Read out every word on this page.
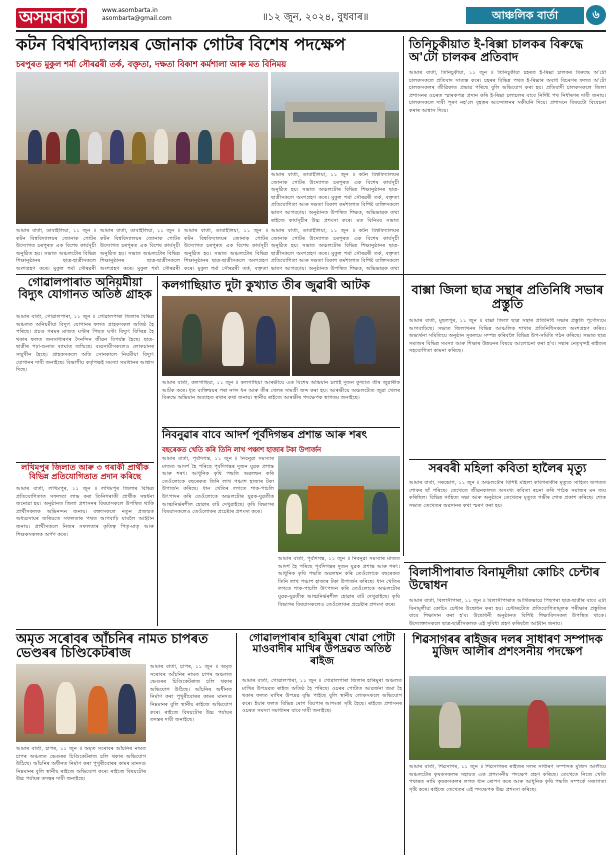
অসমবাৰ্তা	www.asombarta.in
asombarta@gmail.com	॥১২ জুন, ২০২৪, বুধবাৰ॥	আঞ্চলিক বাৰ্তা	৬
কটন বিশ্ববিদ্যালয়ৰ জোনাক গোটৰ বিশেষ পদক্ষেপ
চৰপুৰত মুকুল শৰ্মা সৌৰৱৰী তৰ্ক, বক্তৃতা, দক্ষতা বিকাশ কৰ্মশালা আৰু মত বিনিময়
আমাৰ বাৰ্তা, ডাবাইলিয়া, ১১ জুন ॥ কটন বিশ্ববিদ্যালয়ৰ জোনাক গোটৰ উদ্যোগত চৰপুৰত এক বিশেষ কাৰ্যসূচী অনুষ্ঠিত হয়। সভাত অঞ্চলটোৰ বিভিন্ন শিক্ষানুষ্ঠানৰ ছাত্ৰ-ছাত্ৰীসকলে অংশগ্ৰহণ কৰে। মুকুল শৰ্মা সৌৰৱৰী তৰ্ক, বক্তৃতা প্ৰতিযোগিতা আৰু দক্ষতা বিকাশ কৰ্মশালাত বিশিষ্ট ব্যক্তিসকলে ভাষণ আগবঢ়ায়। অনুষ্ঠানত উপস্থিত শিক্ষক, অভিভাৱক তথা ৰাইজে কাৰ্যসূচীৰ উচ্চ প্ৰশংসা কৰে। মত বিনিময় সভাত
আমাৰ বাৰ্তা, ডাবাইলিয়া, ১১ জুন ॥ কটন বিশ্ববিদ্যালয়ৰ জোনাক গোটৰ উদ্যোগত চৰপুৰত এক বিশেষ কাৰ্যসূচী অনুষ্ঠিত হয়। সভাত অঞ্চলটোৰ বিভিন্ন শিক্ষানুষ্ঠানৰ ছাত্ৰ-ছাত্ৰীসকলে অংশগ্ৰহণ কৰে। মুকুল শৰ্মা সৌৰৱৰী
আমাৰ বাৰ্তা, ডাবাইলিয়া, ১১ জুন ॥ কটন বিশ্ববিদ্যালয়ৰ জোনাক গোটৰ উদ্যোগত চৰপুৰত এক বিশেষ কাৰ্যসূচী অনুষ্ঠিত হয়। সভাত অঞ্চলটোৰ বিভিন্ন শিক্ষানুষ্ঠানৰ ছাত্ৰ-ছাত্ৰীসকলে অংশগ্ৰহণ কৰে। মুকুল শৰ্মা সৌৰৱৰী
আমাৰ বাৰ্তা, ডাবাইলিয়া, ১১ জুন ॥ কটন বিশ্ববিদ্যালয়ৰ জোনাক গোটৰ উদ্যোগত চৰপুৰত এক বিশেষ কাৰ্যসূচী অনুষ্ঠিত হয়। সভাত অঞ্চলটোৰ বিভিন্ন শিক্ষানুষ্ঠানৰ ছাত্ৰ-ছাত্ৰীসকলে অংশগ্ৰহণ কৰে। মুকুল শৰ্মা সৌৰৱৰী তৰ্ক, বক্তৃতা
আমাৰ বাৰ্তা, ডাবাইলিয়া, ১১ জুন ॥ কটন বিশ্ববিদ্যালয়ৰ জোনাক গোটৰ উদ্যোগত চৰপুৰত এক বিশেষ কাৰ্যসূচী অনুষ্ঠিত হয়। সভাত অঞ্চলটোৰ বিভিন্ন শিক্ষানুষ্ঠানৰ ছাত্ৰ-ছাত্ৰীসকলে অংশগ্ৰহণ কৰে। মুকুল শৰ্মা সৌৰৱৰী তৰ্ক, বক্তৃতা প্ৰতিযোগিতা আৰু দক্ষতা বিকাশ কৰ্মশালাত বিশিষ্ট ব্যক্তিসকলে ভাষণ আগবঢ়ায়। অনুষ্ঠানত উপস্থিত শিক্ষক, অভিভাৱক তথা
তিনিচুকীয়াত ই-ৰিক্সা চালকৰ বিৰুদ্ধে অ'টো চালকৰ প্ৰতিবাদ
আমাৰ বাৰ্তা, তিনিচুকীয়া, ১১ জুন ॥ তিনিচুকীয়া চহৰত ই-ৰিক্সা চালকৰ বিৰুদ্ধে অ'টো চালকসকলে প্ৰতিবাদ সাব্যস্ত কৰে। চহৰৰ বিভিন্ন পথত ই-ৰিক্সাৰ অবাধ বিচৰণৰ ফলত অ'টো চালকসকলৰ জীৱিকাত প্ৰভাৱ পৰিছে বুলি অভিযোগ কৰা হয়। প্ৰতিবাদী চালকসকলে জিলা প্ৰশাসনৰ ওচৰত স্মাৰকপত্ৰ প্ৰদান কৰি ই-ৰিক্সা চলাচলৰ বাবে নিৰ্দিষ্ট পথ নিৰ্ধাৰণৰ দাবী জনায়। চালকসকলে দাবী পূৰণ নহ'লে বৃহত্তৰ আন্দোলনৰ সকীয়নি দিয়ে। প্ৰশাসনে বিষয়টো বিবেচনা কৰাৰ আশ্বাস দিয়ে।
গোৱালপাৰাত অনিয়মীয়া বিদ্যুৎ যোগানত অতিষ্ঠ গ্ৰাহক
আমাৰ বাৰ্তা, গোৱালপাৰা, ১১ জুন ॥ গোৱালপাৰা জিলাৰ বিভিন্ন অঞ্চলত অনিয়মীয়া বিদ্যুৎ যোগানৰ ফলত গ্ৰাহকসকল অতিষ্ঠ হৈ পৰিছে। প্ৰচণ্ড গৰমৰ মাজত ঘণ্টাৰ পিছত ঘণ্টা বিদ্যুৎ বিচ্ছিন্ন হৈ থকাৰ ফলত জনসাধাৰণৰ দৈনন্দিন জীৱন বিপৰ্যস্ত হৈছে। ছাত্ৰ-ছাত্ৰীৰ পঢ়া-শুনাত ব্যাঘাত জন্মিছে। ব্যৱসায়ীসকলেও লোকচানৰ সন্মুখীন হৈছে। গ্ৰাহকসকলে অতি সোনকালে নিয়মীয়া বিদ্যুৎ যোগানৰ দাবী জনাইছে। বিভাগীয় কৰ্তৃপক্ষই সমস্যা সমাধানৰ আশ্বাস দিছে।
লখিমপুৰ জিলাত আৰু ৩ গৰাকী প্ৰাৰ্থীক বিভিন্ন প্ৰতিযোগিতাত প্ৰদান কৰিছে
আমাৰ বাৰ্তা, লখিমপুৰ, ১১ জুন ॥ লখিমপুৰ জিলাৰ বিভিন্ন প্ৰতিযোগিতাত সফলতা লাভ কৰা তিনিগৰাকী প্ৰাৰ্থীক সম্বৰ্ধনা জনোৱা হয়। অনুষ্ঠানত জিলা প্ৰশাসনৰ বিষয়াসকলে উপস্থিত থাকি প্ৰাৰ্থীসকলক অভিনন্দন জনায়। বক্তাসকলে নতুন প্ৰজন্মক অধ্যৱসায়ৰ জৰিয়তে সফলতাৰ পথত আগবাঢ়ি যাবলৈ আহ্বান জনায়। প্ৰাৰ্থীসকলে নিজৰ সফলতাৰ কৃতিত্ব পিতৃ-মাতৃ আৰু শিক্ষকসকলক অৰ্পণ কৰে।
কলগাছিয়াত দুটা কুখ্যাত তীৰ জুৱাৰী আটক
আমাৰ বাৰ্তা, কলগাছিয়া, ১১ জুন ॥ কলগাছিয়া আৰক্ষীয়ে এক বিশেষ অভিযান চলাই দুজন কুখ্যাত তীৰ জুৱাৰীক আটক কৰে। ধৃত ব্যক্তিদ্বয়ৰ পৰা নগদ ধন আৰু তীৰ খেলৰ সামগ্ৰী জব্দ কৰা হয়। আৰক্ষীয়ে অঞ্চলটোত জুৱা খেলৰ বিৰুদ্ধে অভিযান অব্যাহত ৰখাৰ কথা জনায়। স্থানীয় ৰাইজে আৰক্ষীৰ পদক্ষেপক স্বাগতম জনাইছে।
বাক্সা জিলা ছাত্ৰ সন্থাৰ প্ৰতিনিধি সভাৰ প্ৰস্তুতি
আমাৰ বাৰ্তা, মুছলপুৰ, ১১ জুন ॥ বাক্সা জিলা ছাত্ৰ সন্থাৰ প্ৰতিনিধি সভাৰ প্ৰস্তুতি পূৰ্ণোদ্যমে আগবাঢ়িছে। সভাত জিলাখনৰ বিভিন্ন আঞ্চলিক শাখাৰ প্ৰতিনিধিসকলে অংশগ্ৰহণ কৰিব। অভ্যৰ্থনা সমিতিয়ে অনুষ্ঠান সুকলমে সম্পন্ন কৰিবলৈ বিভিন্ন উপ-সমিতি গঠন কৰিছে। সভাত ছাত্ৰ সমাজৰ বিভিন্ন সমস্যা আৰু শিক্ষাৰ উন্নয়নৰ বিষয়ে আলোচনা কৰা হ'ব। সন্থাৰ নেতৃবৃন্দই ৰাইজৰ সহযোগিতা কামনা কৰিছে।
নিবনুৱাৰ বাবে আদৰ্শ পূৰ্বদিগন্তৰ প্ৰশান্ত আৰু শৰৎ
বছৰেকত খেতি কৰি তিনি লাখ পঞ্চাশ হাজাৰ টকা উপাৰ্জন
আমাৰ বাৰ্তা, পূৰ্বদিগন্ত, ১১ জুন ॥ নিবনুৱা সমস্যাৰ মাজত আদৰ্শ হৈ পৰিছে পূৰ্বদিগন্তৰ দুজন যুৱক প্ৰশান্ত আৰু শৰৎ। আধুনিক কৃষি পদ্ধতি অৱলম্বন কৰি তেওঁলোকে বছৰেকত তিনি লাখ পঞ্চাশ হাজাৰ টকা উপাৰ্জন কৰিছে। ধান খেতিৰ লগতে শাক-পাচলি উৎপাদন কৰি তেওঁলোকে অঞ্চলটোৰ যুৱক-যুৱতীক আত্মনিৰ্ভৰশীল হোৱাৰ বাট দেখুৱাইছে। কৃষি বিভাগৰ বিষয়াসকলেও তেওঁলোকৰ প্ৰচেষ্টাৰ প্ৰশংসা কৰে।
আমাৰ বাৰ্তা, পূৰ্বদিগন্ত, ১১ জুন ॥ নিবনুৱা সমস্যাৰ মাজত আদৰ্শ হৈ পৰিছে পূৰ্বদিগন্তৰ দুজন যুৱক প্ৰশান্ত আৰু শৰৎ। আধুনিক কৃষি পদ্ধতি অৱলম্বন কৰি তেওঁলোকে বছৰেকত তিনি লাখ পঞ্চাশ হাজাৰ টকা উপাৰ্জন কৰিছে। ধান খেতিৰ লগতে শাক-পাচলি উৎপাদন কৰি তেওঁলোকে অঞ্চলটোৰ যুৱক-যুৱতীক আত্মনিৰ্ভৰশীল হোৱাৰ বাট দেখুৱাইছে। কৃষি বিভাগৰ বিষয়াসকলেও তেওঁলোকৰ প্ৰচেষ্টাৰ প্ৰশংসা কৰে।
সৰবৰী মহিলা কবিতা হালৈৰ মৃত্যু
আমাৰ বাৰ্তা, সৰভোগ, ১১ জুন ॥ অঞ্চলটোৰ বিশিষ্ট মহিলা কবিগৰাকীৰ মৃত্যুত সাহিত্য জগতত শোকৰ ছাঁ পৰিছে। তেখেতে জীৱনকালত অসংখ্য কবিতা ৰচনা কৰি পাঠক সমাজৰ মন জয় কৰিছিল। বিভিন্ন সাহিত্য সভা আৰু অনুষ্ঠানে তেখেতৰ মৃত্যুত গভীৰ শোক প্ৰকাশ কৰিছে। শোক সভাত তেখেতৰ অৱদানৰ কথা স্মৰণ কৰা হয়।
বিলাসীপাৰাত বিনামূলীয়া কোচিং চেন্টাৰ উদ্বোধন
আমাৰ বাৰ্তা, বিলাসীপাৰা, ১১ জুন ॥ বিলাসীপাৰাত আৰ্থিকভাৱে পিছপৰা ছাত্ৰ-ছাত্ৰীৰ বাবে এটা বিনামূলীয়া কোচিং চেন্টাৰ উদ্বোধন কৰা হয়। চেন্টাৰটোত প্ৰতিযোগিতামূলক পৰীক্ষাৰ প্ৰস্তুতিৰ বাবে শিক্ষাদান কৰা হ'ব। উদ্বোধনী অনুষ্ঠানত বিশিষ্ট শিক্ষাবিদসকল উপস্থিত থাকে। উদ্যোক্তাসকলে ছাত্ৰ-ছাত্ৰীসকলক এই সুবিধা গ্ৰহণ কৰিবলৈ আহ্বান জনায়।
অমৃত সৰোবৰ আঁচনিৰ নামত চাপৰত ভেণ্ডৰৰ চিণ্ডিকেটৰাজ
আমাৰ বাৰ্তা, চাপৰ, ১১ জুন ॥ অমৃত সৰোবৰ আঁচনিৰ নামত চাপৰ অঞ্চলত ভেণ্ডৰৰ চিণ্ডিকেটৰাজ চলি থকাৰ অভিযোগ উঠিছে। আঁচনিৰ অধীনত নিৰ্মাণ কৰা পুখুৰীবোৰৰ কামৰ মানদণ্ড নিম্নমানৰ বুলি স্থানীয় ৰাইজে অভিযোগ কৰে। ৰাইজে বিষয়টোৰ উচ্চ পৰ্যায়ৰ তদন্তৰ দাবী জনাইছে।
আমাৰ বাৰ্তা, চাপৰ, ১১ জুন ॥ অমৃত সৰোবৰ আঁচনিৰ নামত চাপৰ অঞ্চলত ভেণ্ডৰৰ চিণ্ডিকেটৰাজ চলি থকাৰ অভিযোগ উঠিছে। আঁচনিৰ অধীনত নিৰ্মাণ কৰা পুখুৰীবোৰৰ কামৰ মানদণ্ড নিম্নমানৰ বুলি স্থানীয় ৰাইজে অভিযোগ কৰে। ৰাইজে বিষয়টোৰ উচ্চ পৰ্যায়ৰ তদন্তৰ দাবী জনাইছে।
গোৱালপাৰাৰ হাৰিমুৰা খোৱা পোটা মাওবাদীৰ মাখিৰ উপদ্ৰৱত অতিষ্ঠ ৰাইজ
আমাৰ বাৰ্তা, গোৱালপাৰা, ১১ জুন ॥ গোৱালপাৰা জিলাৰ হাৰিমুৰা অঞ্চলত মাখিৰ উপদ্ৰৱত ৰাইজ অতিষ্ঠ হৈ পৰিছে। ওচৰৰ পোটাত আৱৰ্জনা জমা হৈ থকাৰ ফলত মাখিৰ উপদ্ৰৱ বৃদ্ধি পাইছে বুলি স্থানীয় লোকসকলে অভিযোগ কৰে। ইয়াৰ ফলত বিভিন্ন ৰোগ বিয়পাৰ আশংকা সৃষ্টি হৈছে। ৰাইজে প্ৰশাসনৰ ওচৰত সমস্যা সমাধানৰ বাবে দাবী জনাইছে।
শিৱসাগৰৰ ৰাইজৰ দলৰ সাধাৰণ সম্পাদক মুজিদ আলীৰ প্ৰশংসনীয় পদক্ষেপ
আমাৰ বাৰ্তা, শিৱসাগৰ, ১১ জুন ॥ শিৱসাগৰৰ ৰাইজৰ দলৰ সাধাৰণ সম্পাদক মুজিদ আলীয়ে অঞ্চলটোৰ কৃষকসকলৰ সহায়ত এক প্ৰশংসনীয় পদক্ষেপ গ্ৰহণ কৰিছে। তেখেতে নিজে খেতি পথাৰত নামি কৃষকসকলৰ লগত ধান ৰোপণ কৰে আৰু আধুনিক কৃষি পদ্ধতি সম্পৰ্কে সজাগতা সৃষ্টি কৰে। ৰাইজে তেখেতৰ এই পদক্ষেপক উচ্চ প্ৰশংসা কৰিছে।
